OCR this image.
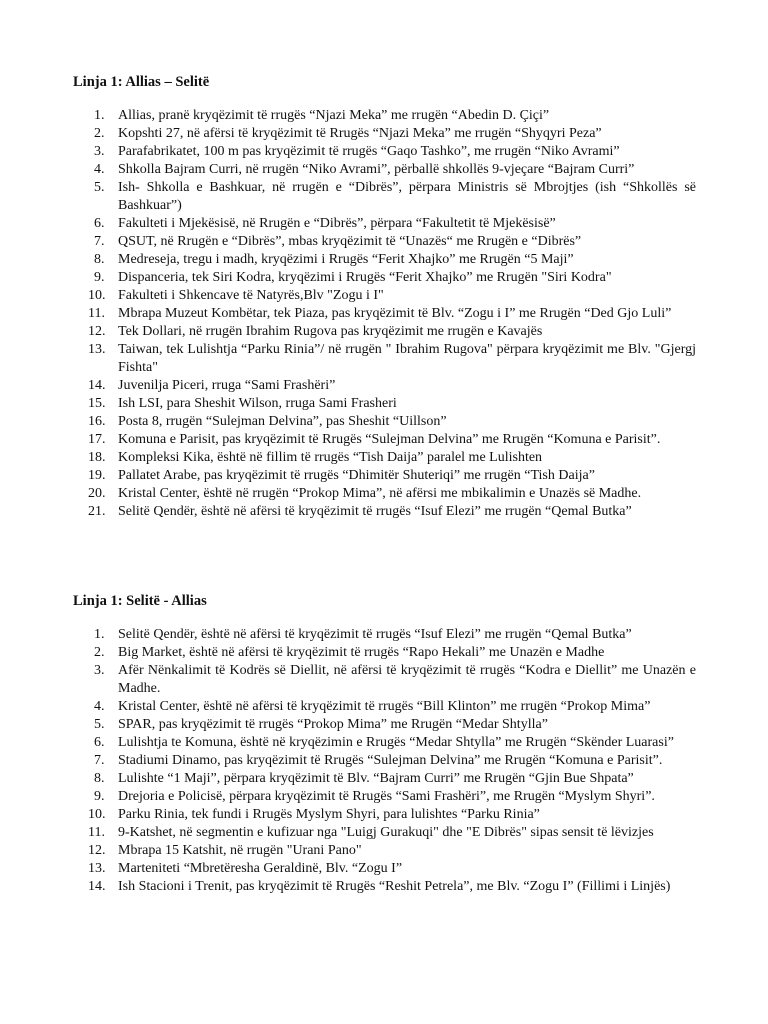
Linja 1: Allias – Selitë
1. Allias, pranë kryqëzimit të rrugës “Njazi Meka” me rrugën “Abedin D. Çiçi”
2. Kopshti 27, në afërsi të kryqëzimit të Rrugës “Njazi Meka” me rrugën “Shyqyri Peza”
3. Parafabrikatet, 100 m pas kryqëzimit të rrugës “Gaqo Tashko”, me rrugën “Niko Avrami”
4. Shkolla Bajram Curri, në rrugën “Niko Avrami”, përballë shkollës 9-vjeçare “Bajram Curri”
5. Ish- Shkolla e Bashkuar, në rrugën e “Dibrës”, përpara Ministris së Mbrojtjes (ish “Shkollës së Bashkuar”)
6. Fakulteti i Mjekësisë, në Rrugën e “Dibrës”, përpara “Fakultetit të Mjekësisë”
7. QSUT, në Rrugën e “Dibrës”, mbas kryqëzimit të “Unazës“ me Rrugën e “Dibrës”
8. Medreseja, tregu i madh, kryqëzimi i Rrugës “Ferit Xhajko” me Rrugën “5 Maji”
9. Dispanceria, tek Siri Kodra, kryqëzimi i Rrugës “Ferit Xhajko” me Rrugën "Siri Kodra"
10. Fakulteti i Shkencave të Natyrës,Blv "Zogu i I"
11. Mbrapa Muzeut Kombëtar, tek Piaza, pas kryqëzimit të Blv. “Zogu i I” me Rrugën “Ded Gjo Luli”
12. Tek Dollari, në rrugën Ibrahim Rugova pas kryqëzimit me rrugën e Kavajës
13. Taiwan, tek Lulishtja “Parku Rinia”/ në rrugën " Ibrahim Rugova" përpara kryqëzimit me Blv. "Gjergj Fishta"
14. Juvenilja Piceri, rruga “Sami Frashëri”
15. Ish LSI, para Sheshit Wilson, rruga Sami Frasheri
16. Posta 8, rrugën “Sulejman Delvina”, pas Sheshit “Uillson”
17. Komuna e Parisit, pas kryqëzimit të Rrugës “Sulejman Delvina” me Rrugën “Komuna e Parisit”.
18. Kompleksi Kika, është në fillim të rrugës “Tish Daija” paralel me Lulishten
19. Pallatet Arabe, pas kryqëzimit të rrugës “Dhimitër Shuteriqi” me rrugën “Tish Daija”
20. Kristal Center, është në rrugën “Prokop Mima”, në afërsi me mbikalimin e Unazës së Madhe.
21. Selitë Qendër, është në afërsi të kryqëzimit të rrugës “Isuf Elezi” me rrugën “Qemal Butka”
Linja 1: Selitë - Allias
1. Selitë Qendër, është në afërsi të kryqëzimit të rrugës “Isuf Elezi” me rrugën “Qemal Butka”
2. Big Market, është në afërsi të kryqëzimit të rrugës “Rapo Hekali” me Unazën e Madhe
3. Afër Nënkalimit të Kodrës së Diellit, në afërsi të kryqëzimit të rrugës “Kodra e Diellit” me Unazën e Madhe.
4. Kristal Center, është në afërsi të kryqëzimit të rrugës “Bill Klinton” me rrugën “Prokop Mima”
5. SPAR, pas kryqëzimit të rrugës “Prokop Mima” me Rrugën “Medar Shtylla”
6. Lulishtja te Komuna, është në kryqëzimin e Rrugës “Medar Shtylla” me Rrugën “Skënder Luarasi”
7. Stadiumi Dinamo, pas kryqëzimit të Rrugës “Sulejman Delvina” me Rrugën “Komuna e Parisit”.
8. Lulishte “1 Maji”, përpara kryqëzimit të Blv. “Bajram Curri” me Rrugën “Gjin Bue Shpata”
9. Drejoria e Policisë, përpara kryqëzimit të Rrugës “Sami Frashëri”, me Rrugën “Myslym Shyri”.
10. Parku Rinia, tek fundi i Rrugës Myslym Shyri, para lulishtes “Parku Rinia”
11. 9-Katshet, në segmentin e kufizuar nga "Luigj Gurakuqi" dhe "E Dibrës" sipas sensit të lëvizjes
12. Mbrapa 15 Katshit, në rrugën "Urani Pano"
13. Marteniteti “Mbretëresha Geraldinë, Blv. “Zogu I”
14. Ish Stacioni i Trenit, pas kryqëzimit të Rrugës “Reshit Petrela”, me Blv. “Zogu I” (Fillimi i Linjës)
